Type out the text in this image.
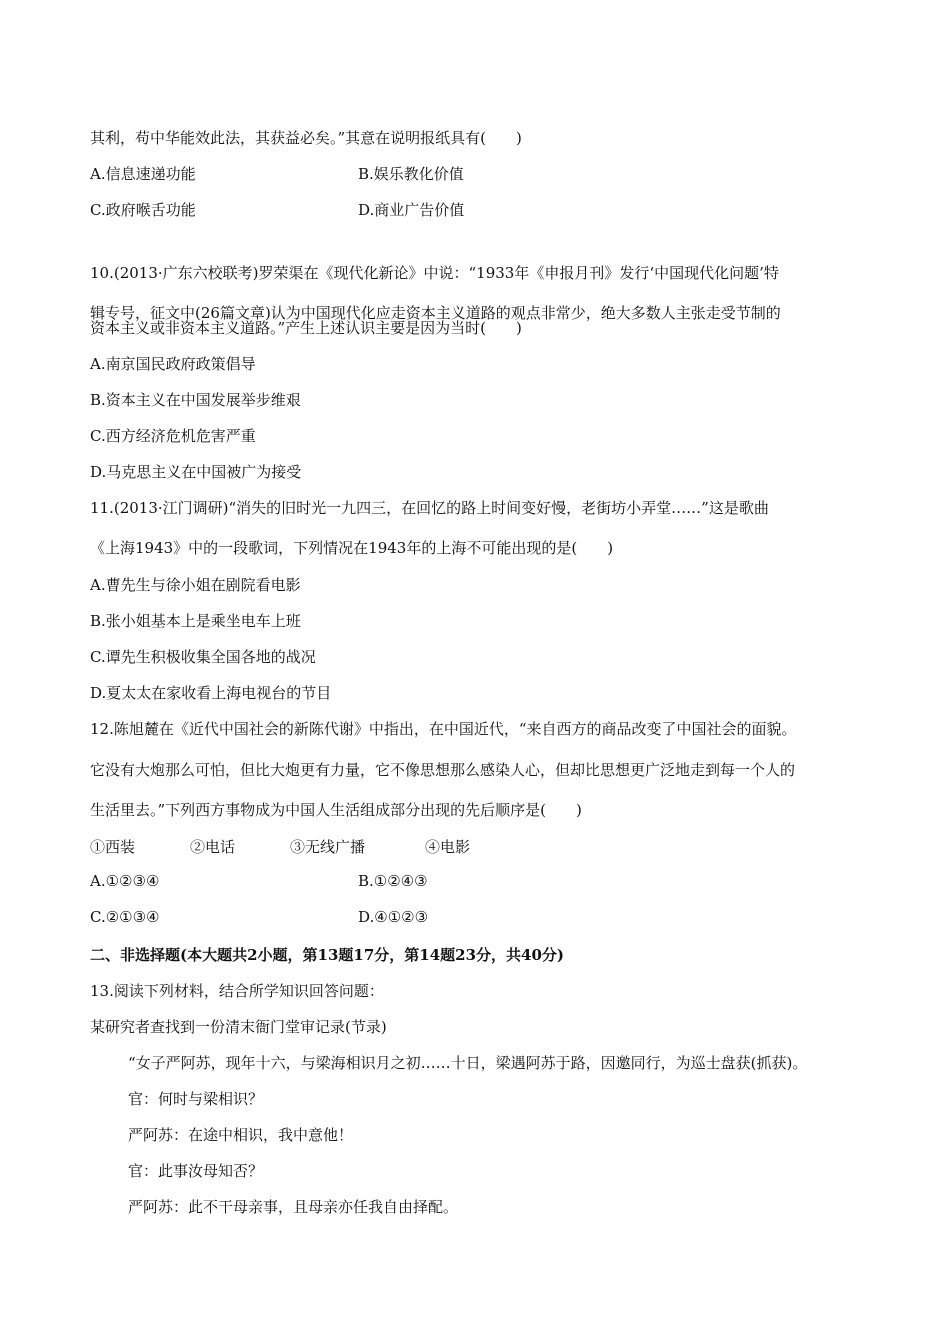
其利，苟中华能效此法，其获益必矣。”其意在说明报纸具有(　　)
A.信息速递功能	B.娱乐教化价值
C.政府喉舌功能	D.商业广告价值
10.(2013·广东六校联考)罗荣渠在《现代化新论》中说：“1933年《申报月刊》发行‘中国现代化问题’特
辑专号，征文中(26篇文章)认为中国现代化应走资本主义道路的观点非常少，绝大多数人主张走受节制的
资本主义或非资本主义道路。”产生上述认识主要是因为当时(　　)
A.南京国民政府政策倡导
B.资本主义在中国发展举步维艰
C.西方经济危机危害严重
D.马克思主义在中国被广为接受
11.(2013·江门调研)“消失的旧时光一九四三，在回忆的路上时间变好慢，老街坊小弄堂……”这是歌曲
《上海1943》中的一段歌词，下列情况在1943年的上海不可能出现的是(　　)
A.曹先生与徐小姐在剧院看电影
B.张小姐基本上是乘坐电车上班
C.谭先生积极收集全国各地的战况
D.夏太太在家收看上海电视台的节目
12.陈旭麓在《近代中国社会的新陈代谢》中指出，在中国近代，“来自西方的商品改变了中国社会的面貌。
它没有大炮那么可怕，但比大炮更有力量，它不像思想那么感染人心，但却比思想更广泛地走到每一个人的
生活里去。”下列西方事物成为中国人生活组成部分出现的先后顺序是(　　)
①西装	②电话	③无线广播	④电影
A.①②③④	B.①②④③
C.②①③④	D.④①②③
二、非选择题(本大题共2小题，第13题17分，第14题23分，共40分)
13.阅读下列材料，结合所学知识回答问题：
某研究者查找到一份清末衙门堂审记录(节录)
“女子严阿苏，现年十六，与梁海相识月之初……十日，梁遇阿苏于路，因邀同行，为巡士盘获(抓获)。
官：何时与梁相识？
严阿苏：在途中相识，我中意他！
官：此事汝母知否？
严阿苏：此不干母亲事，且母亲亦任我自由择配。
